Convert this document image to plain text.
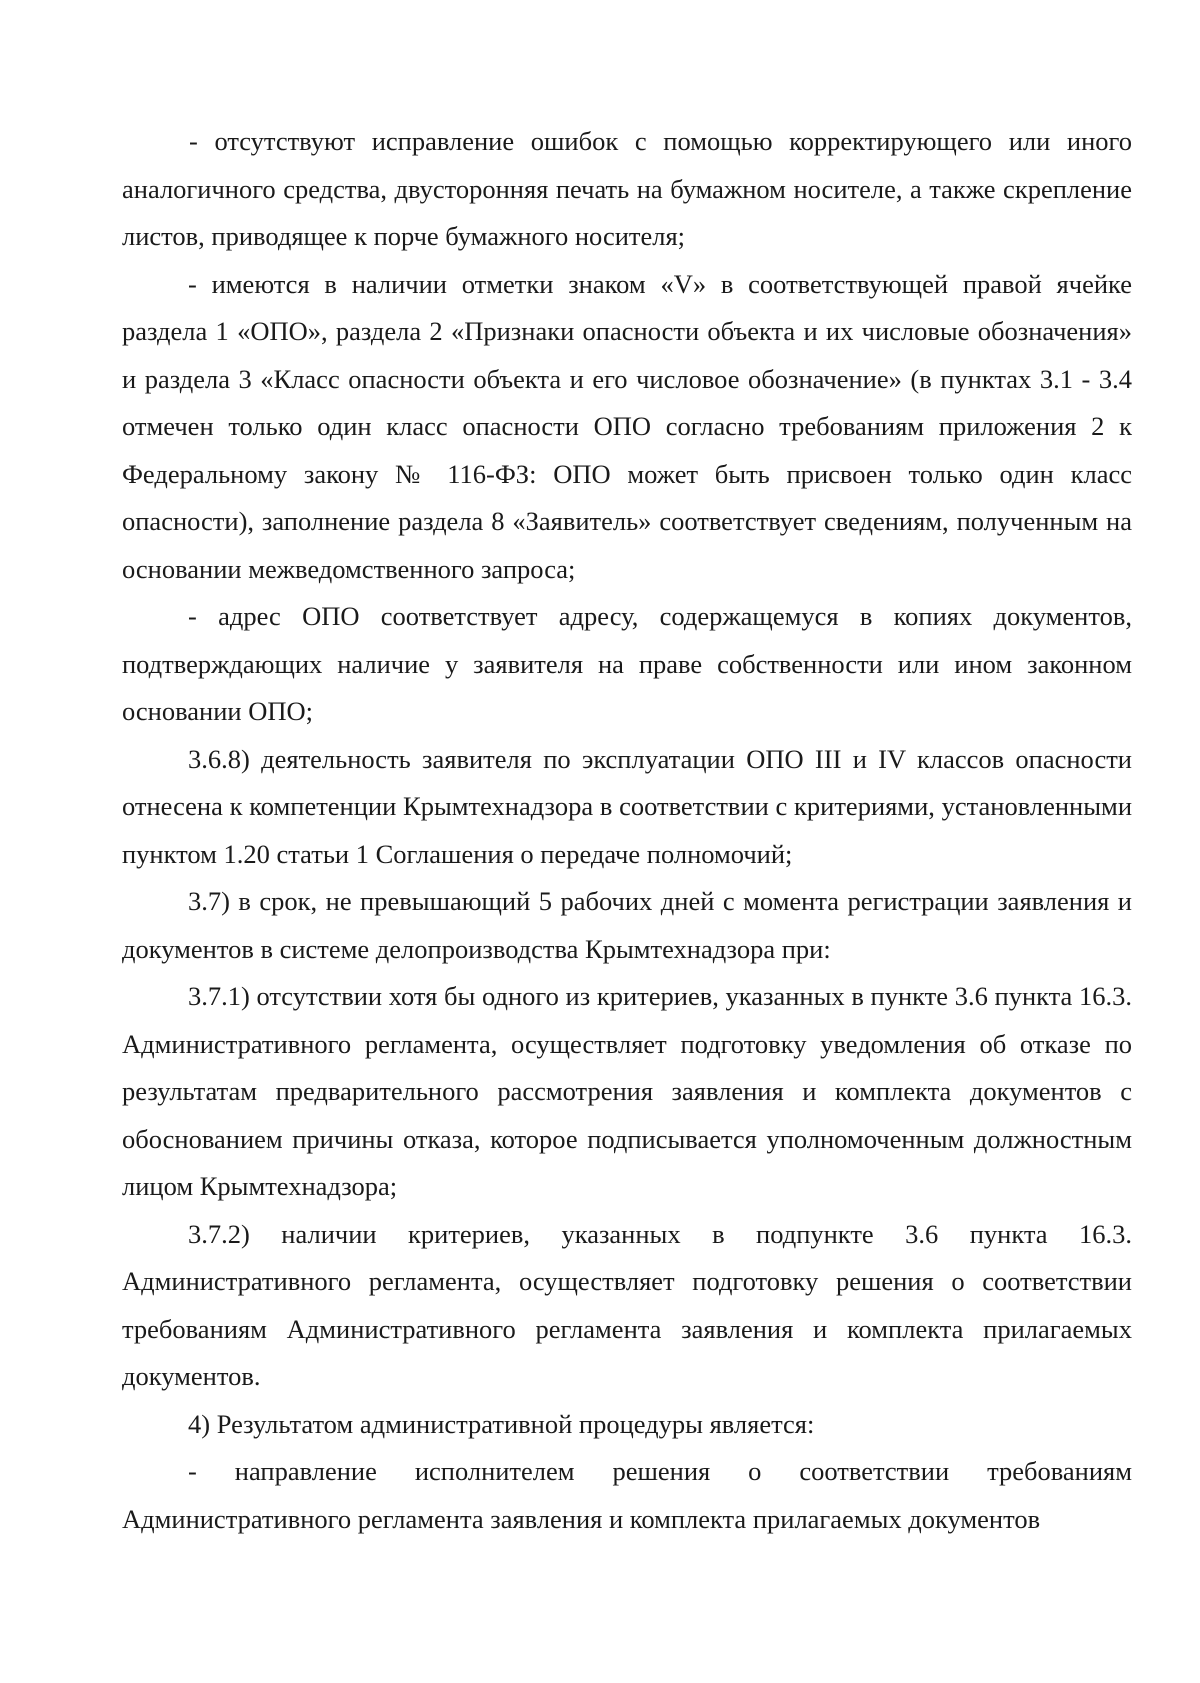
- отсутствуют исправление ошибок с помощью корректирующего или иного аналогичного средства, двусторонняя печать на бумажном носителе, а также скрепление листов, приводящее к порче бумажного носителя;

- имеются в наличии отметки знаком «V» в соответствующей правой ячейке раздела 1 «ОПО», раздела 2 «Признаки опасности объекта и их числовые обозначения» и раздела 3 «Класс опасности объекта и его числовое обозначение» (в пунктах 3.1 - 3.4 отмечен только один класс опасности ОПО согласно требованиям приложения 2 к Федеральному закону № 116-ФЗ: ОПО может быть присвоен только один класс опасности), заполнение раздела 8 «Заявитель» соответствует сведениям, полученным на основании межведомственного запроса;

- адрес ОПО соответствует адресу, содержащемуся в копиях документов, подтверждающих наличие у заявителя на праве собственности или ином законном основании ОПО;

3.6.8) деятельность заявителя по эксплуатации ОПО III и IV классов опасности отнесена к компетенции Крымтехнадзора в соответствии с критериями, установленными пунктом 1.20 статьи 1 Соглашения о передаче полномочий;

3.7) в срок, не превышающий 5 рабочих дней с момента регистрации заявления и документов в системе делопроизводства Крымтехнадзора при:

3.7.1) отсутствии хотя бы одного из критериев, указанных в пункте 3.6 пункта 16.3. Административного регламента, осуществляет подготовку уведомления об отказе по результатам предварительного рассмотрения заявления и комплекта документов с обоснованием причины отказа, которое подписывается уполномоченным должностным лицом Крымтехнадзора;

3.7.2) наличии критериев, указанных в подпункте 3.6 пункта 16.3. Административного регламента, осуществляет подготовку решения о соответствии требованиям Административного регламента заявления и комплекта прилагаемых документов.

4) Результатом административной процедуры является:

- направление исполнителем решения о соответствии требованиям Административного регламента заявления и комплекта прилагаемых документов
